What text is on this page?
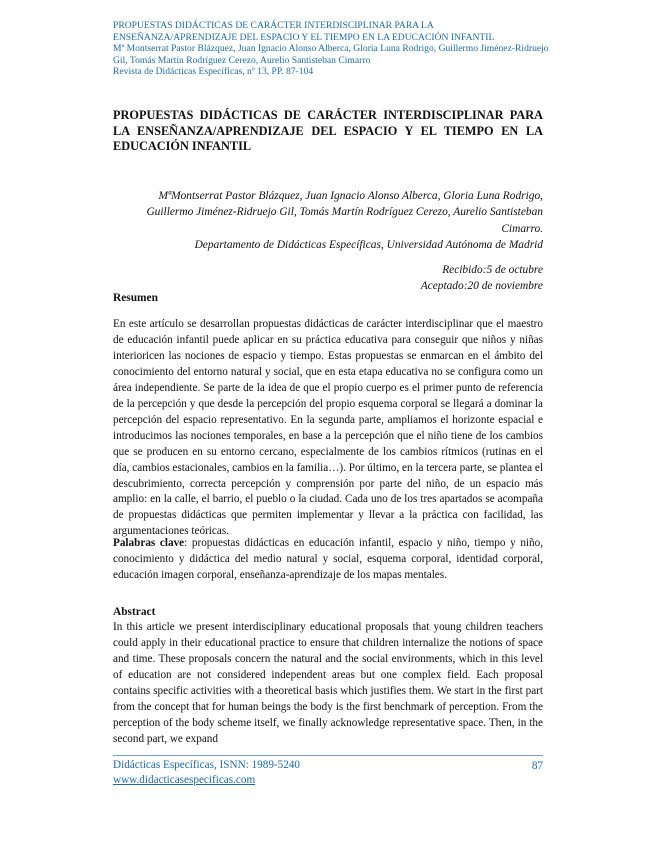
PROPUESTAS DIDÁCTICAS DE CARÁCTER INTERDISCIPLINAR PARA LA ENSEÑANZA/APRENDIZAJE DEL ESPACIO Y EL TIEMPO EN LA EDUCACIÓN INFANTIL
Mª Montserrat Pastor Blázquez, Juan Ignacio Alonso Alberca, Gloria Luna Rodrigo, Guillermo Jiménez-Ridruejo Gil, Tomás Martín Rodríguez Cerezo, Aurelio Santisteban Cimarro
Revista de Didácticas Específicas, nº 13, PP. 87-104
PROPUESTAS DIDÁCTICAS DE CARÁCTER INTERDISCIPLINAR PARA LA ENSEÑANZA/APRENDIZAJE DEL ESPACIO Y EL TIEMPO EN LA EDUCACIÓN INFANTIL
MªMontserrat Pastor Blázquez, Juan Ignacio Alonso Alberca, Gloria Luna Rodrigo, Guillermo Jiménez-Ridruejo Gil, Tomás Martín Rodríguez Cerezo, Aurelio Santisteban Cimarro.
Departamento de Didácticas Específicas, Universidad Autónoma de Madrid
Recibido:5 de octubre
Aceptado:20 de noviembre
Resumen

En este artículo se desarrollan propuestas didácticas de carácter interdisciplinar que el maestro de educación infantil puede aplicar en su práctica educativa para conseguir que niños y niñas interioricen las nociones de espacio y tiempo. Estas propuestas se enmarcan en el ámbito del conocimiento del entorno natural y social, que en esta etapa educativa no se configura como un área independiente. Se parte de la idea de que el propio cuerpo es el primer punto de referencia de la percepción y que desde la percepción del propio esquema corporal se llegará a dominar la percepción del espacio representativo. En la segunda parte, ampliamos el horizonte espacial e introducimos las nociones temporales, en base a la percepción que el niño tiene de los cambios que se producen en su entorno cercano, especialmente de los cambios rítmicos (rutinas en el día, cambios estacionales, cambios en la familia…). Por último, en la tercera parte, se plantea el descubrimiento, correcta percepción y comprensión por parte del niño, de un espacio más amplio: en la calle, el barrio, el pueblo o la ciudad. Cada uno de los tres apartados se acompaña de propuestas didácticas que permiten implementar y llevar a la práctica con facilidad, las argumentaciones teóricas.

Palabras clave: propuestas didácticas en educación infantil, espacio y niño, tiempo y niño, conocimiento y didáctica del medio natural y social, esquema corporal, identidad corporal, educación imagen corporal, enseñanza-aprendizaje de los mapas mentales.

Abstract

In this article we present interdisciplinary educational proposals that young children teachers could apply in their educational practice to ensure that children internalize the notions of space and time. These proposals concern the natural and the social environments, which in this level of education are not considered independent areas but one complex field. Each proposal contains specific activities with a theoretical basis which justifies them. We start in the first part from the concept that for human beings the body is the first benchmark of perception. From the perception of the body scheme itself, we finally acknowledge representative space. Then, in the second part, we expand

Didácticas Específicas, ISNN: 1989-5240
www.didacticasespecificas.com
87
